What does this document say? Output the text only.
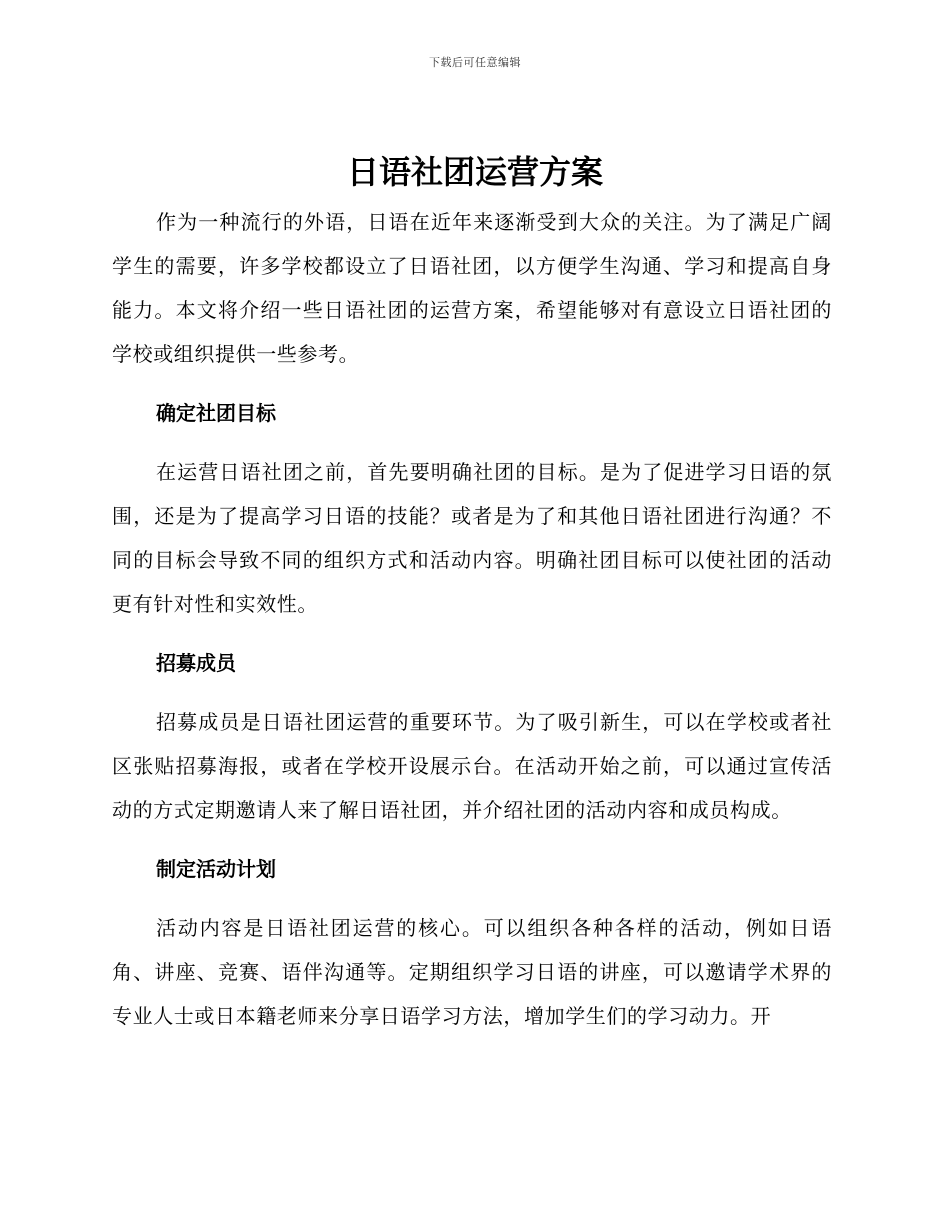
下载后可任意编辑
日语社团运营方案

作为一种流行的外语，日语在近年来逐渐受到大众的关注。为了满足广阔学生的需要，许多学校都设立了日语社团，以方便学生沟通、学习和提高自身能力。本文将介绍一些日语社团的运营方案，希望能够对有意设立日语社团的学校或组织提供一些参考。

确定社团目标

在运营日语社团之前，首先要明确社团的目标。是为了促进学习日语的氛围，还是为了提高学习日语的技能？或者是为了和其他日语社团进行沟通？不同的目标会导致不同的组织方式和活动内容。明确社团目标可以使社团的活动更有针对性和实效性。

招募成员

招募成员是日语社团运营的重要环节。为了吸引新生，可以在学校或者社区张贴招募海报，或者在学校开设展示台。在活动开始之前，可以通过宣传活动的方式定期邀请人来了解日语社团，并介绍社团的活动内容和成员构成。

制定活动计划

活动内容是日语社团运营的核心。可以组织各种各样的活动，例如日语角、讲座、竞赛、语伴沟通等。定期组织学习日语的讲座，可以邀请学术界的专业人士或日本籍老师来分享日语学习方法，增加学生们的学习动力。开
